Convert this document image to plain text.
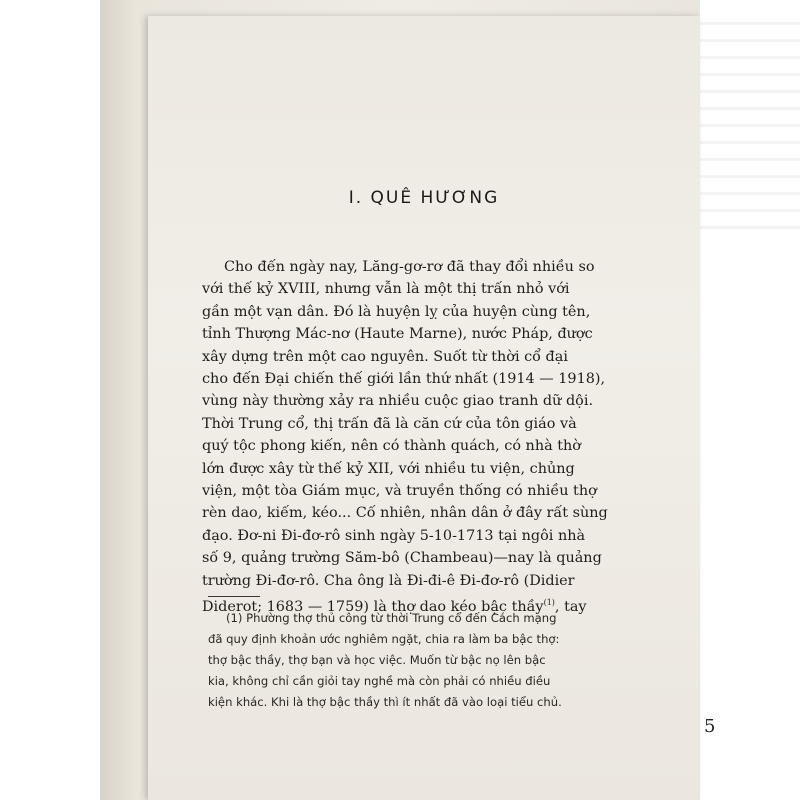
I. QUÊ HƯƠNG
Cho đến ngày nay, Lăng-gơ-rơ đã thay đổi nhiều so
với thế kỷ XVIII, nhưng vẫn là một thị trấn nhỏ với
gần một vạn dân. Đó là huyện lỵ của huyện cùng tên,
tỉnh Thượng Mác-nơ (Haute Marne), nước Pháp, được
xây dựng trên một cao nguyên. Suốt từ thời cổ đại
cho đến Đại chiến thế giới lần thứ nhất (1914 — 1918),
vùng này thường xảy ra nhiều cuộc giao tranh dữ dội.
Thời Trung cổ, thị trấn đã là căn cứ của tôn giáo và
quý tộc phong kiến, nên có thành quách, có nhà thờ
lớn được xây từ thế kỷ XII, với nhiều tu viện, chủng
viện, một tòa Giám mục, và truyền thống có nhiều thợ
rèn dao, kiếm, kéo... Cố nhiên, nhân dân ở đây rất sùng
đạo. Đơ-ni Đi-đơ-rô sinh ngày 5-10-1713 tại ngôi nhà
số 9, quảng trường Săm-bô (Chambeau)—nay là quảng
trường Đi-đơ-rô. Cha ông là Đi-đi-ê Đi-đơ-rô (Didier
Diderot; 1683 — 1759) là thợ dao kéo bậc thầy$^{(1)}$, tay
(1) Phường thợ thủ công từ thời Trung cổ đến Cách mạng
đã quy định khoản ước nghiêm ngặt, chia ra làm ba bậc thợ:
thợ bậc thầy, thợ bạn và học việc. Muốn từ bậc nọ lên bậc
kia, không chỉ cần giỏi tay nghề mà còn phải có nhiều điều
kiện khác. Khi là thợ bậc thầy thì ít nhất đã vào loại tiểu chủ.
5
